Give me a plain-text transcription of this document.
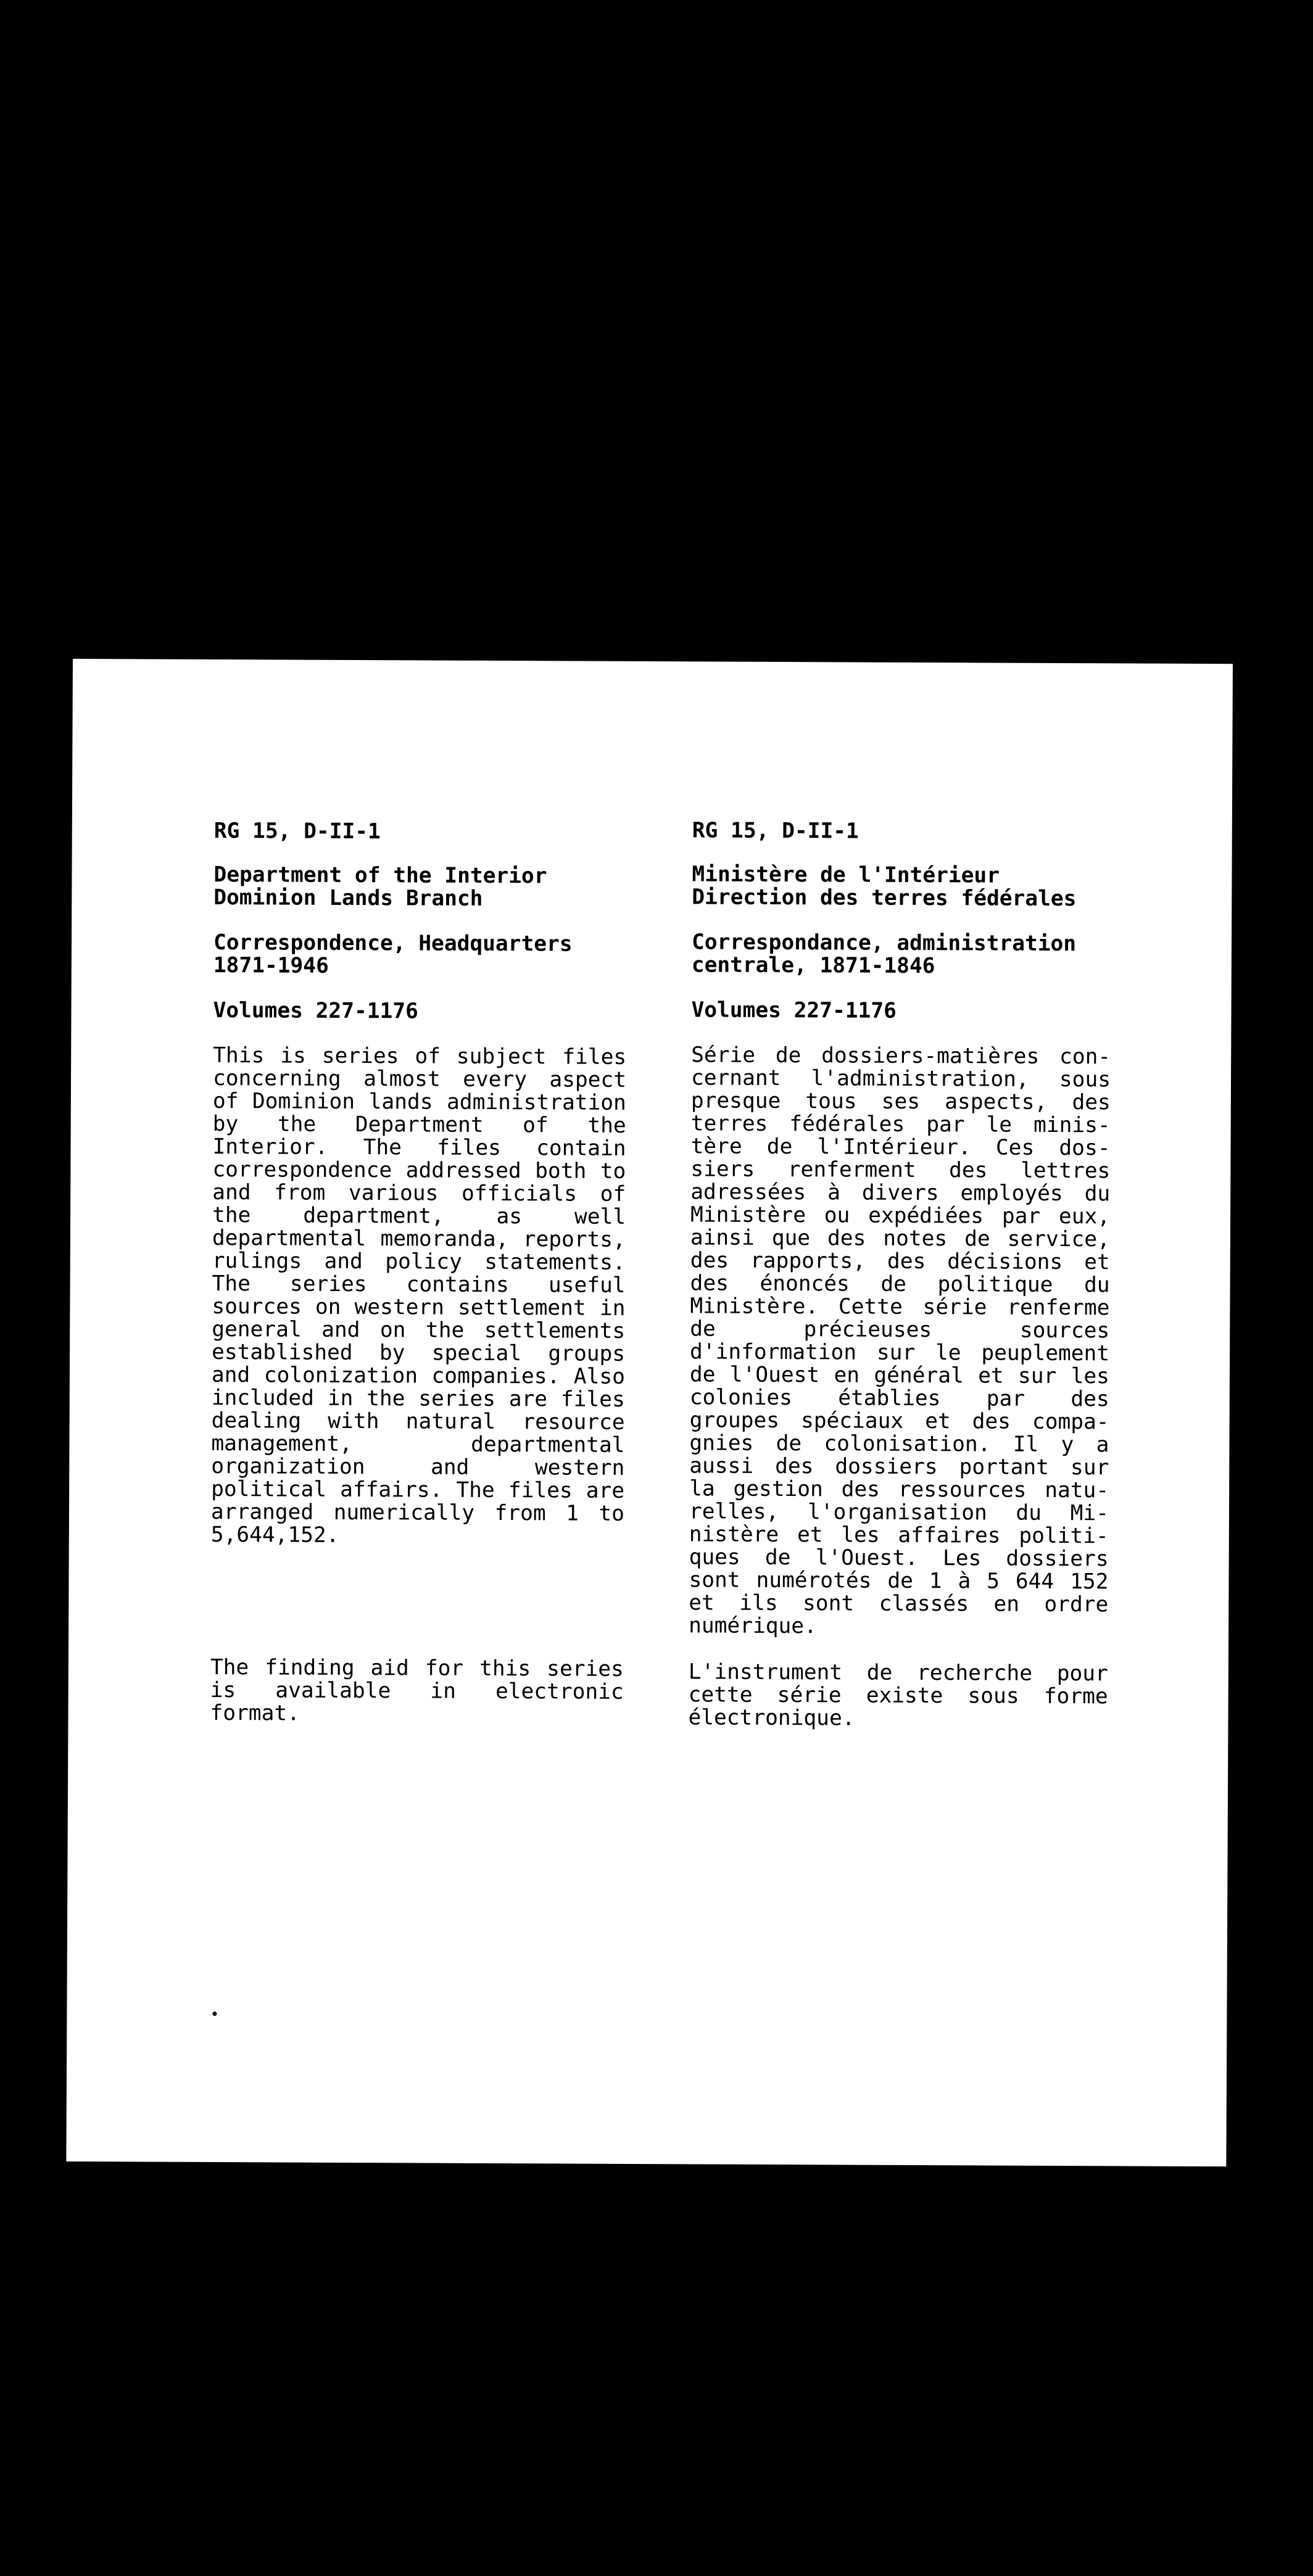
RG 15, D-II-1

Department of the Interior
Dominion Lands Branch

Correspondence, Headquarters
1871-1946

Volumes 227-1176

This is series of subject files concerning almost every aspect of Dominion lands administration by the Department of the Interior. The files contain correspondence addressed both to and from various officials of the department, as well departmental memoranda, reports, rulings and policy statements. The series contains useful sources on western settlement in general and on the settlements established by special groups and colonization companies. Also included in the series are files dealing with natural resource management, departmental organization and western political affairs. The files are arranged numerically from 1 to 5,644,152.

The finding aid for this series is available in electronic format.

RG 15, D-II-1

Ministère de l'Intérieur
Direction des terres fédérales

Correspondance, administration
centrale, 1871-1846

Volumes 227-1176

Série de dossiers-matières concernant l'administration, sous presque tous ses aspects, des terres fédérales par le ministère de l'Intérieur. Ces dossiers renferment des lettres adressées à divers employés du Ministère ou expédiées par eux, ainsi que des notes de service, des rapports, des décisions et des énoncés de politique du Ministère. Cette série renferme de précieuses sources d'information sur le peuplement de l'Ouest en général et sur les colonies établies par des groupes spéciaux et des compagnies de colonisation. Il y a aussi des dossiers portant sur la gestion des ressources naturelles, l'organisation du Ministère et les affaires politiques de l'Ouest. Les dossiers sont numérotés de 1 à 5 644 152 et ils sont classés en ordre numérique.

L'instrument de recherche pour cette série existe sous forme électronique.
